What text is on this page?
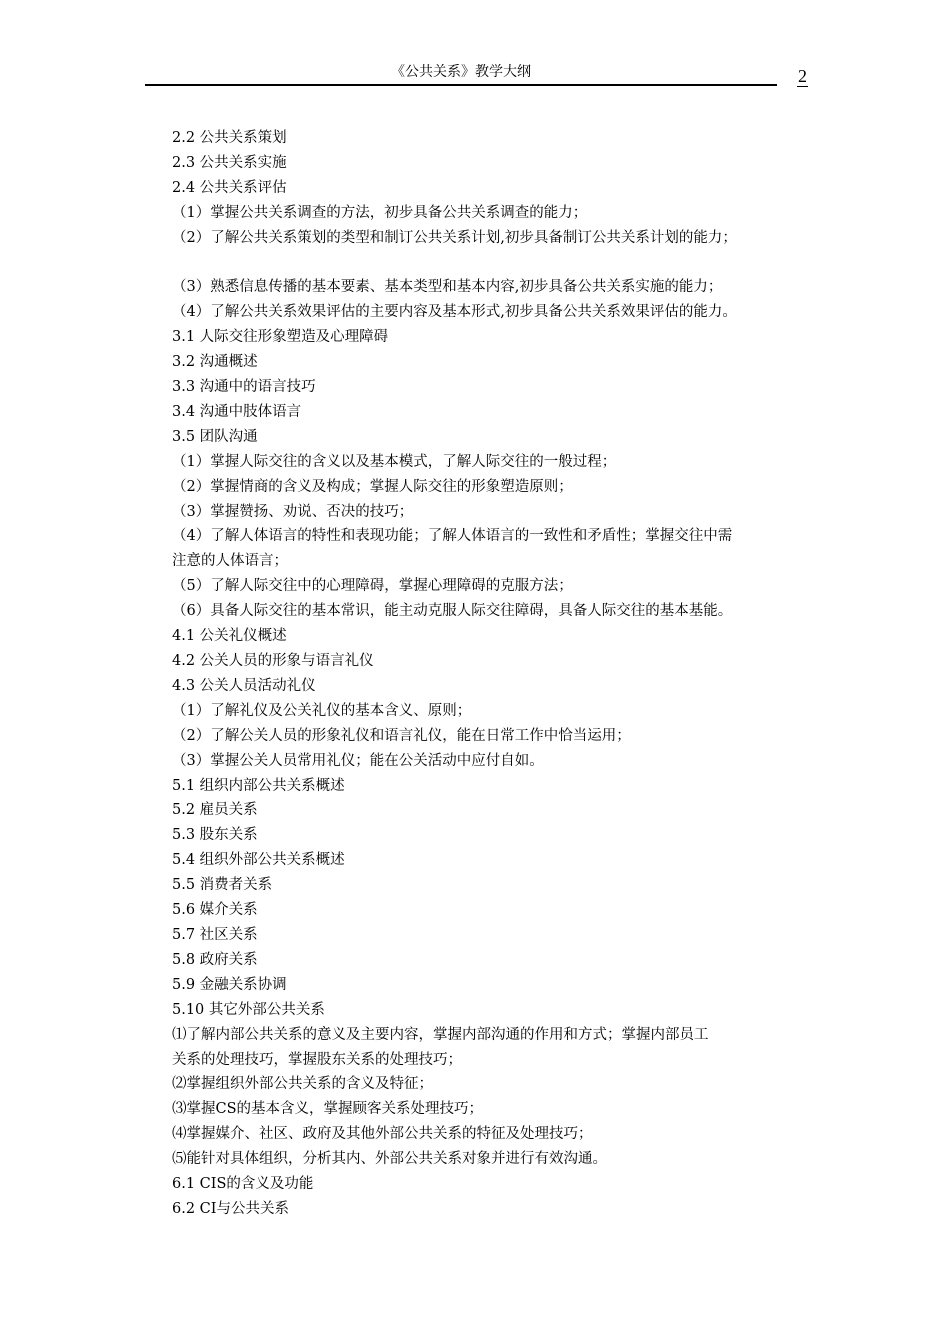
《公共关系》教学大纲	2
2.2 公共关系策划
2.3 公共关系实施
2.4 公共关系评估
（1）掌握公共关系调查的方法，初步具备公共关系调查的能力；
（2）了解公共关系策划的类型和制订公共关系计划,初步具备制订公共关系计划的能力；
（3）熟悉信息传播的基本要素、基本类型和基本内容,初步具备公共关系实施的能力；
（4）了解公共关系效果评估的主要内容及基本形式,初步具备公共关系效果评估的能力。
3.1 人际交往形象塑造及心理障碍
3.2 沟通概述
3.3 沟通中的语言技巧
3.4 沟通中肢体语言
3.5 团队沟通
（1）掌握人际交往的含义以及基本模式，了解人际交往的一般过程；
（2）掌握情商的含义及构成；掌握人际交往的形象塑造原则；
（3）掌握赞扬、劝说、否决的技巧；
（4）了解人体语言的特性和表现功能；了解人体语言的一致性和矛盾性；掌握交往中需
注意的人体语言；
（5）了解人际交往中的心理障碍，掌握心理障碍的克服方法；
（6）具备人际交往的基本常识，能主动克服人际交往障碍，具备人际交往的基本基能。
4.1 公关礼仪概述
4.2 公关人员的形象与语言礼仪
4.3 公关人员活动礼仪
（1）了解礼仪及公关礼仪的基本含义、原则；
（2）了解公关人员的形象礼仪和语言礼仪，能在日常工作中恰当运用；
（3）掌握公关人员常用礼仪；能在公关活动中应付自如。
5.1 组织内部公共关系概述
5.2 雇员关系
5.3 股东关系
5.4 组织外部公共关系概述
5.5 消费者关系
5.6 媒介关系
5.7 社区关系
5.8 政府关系
5.9 金融关系协调
5.10 其它外部公共关系
⑴了解内部公共关系的意义及主要内容，掌握内部沟通的作用和方式；掌握内部员工
关系的处理技巧，掌握股东关系的处理技巧；
⑵掌握组织外部公共关系的含义及特征；
⑶掌握CS的基本含义，掌握顾客关系处理技巧；
⑷掌握媒介、社区、政府及其他外部公共关系的特征及处理技巧；
⑸能针对具体组织，分析其内、外部公共关系对象并进行有效沟通。
6.1 CIS的含义及功能
6.2 CI与公共关系
